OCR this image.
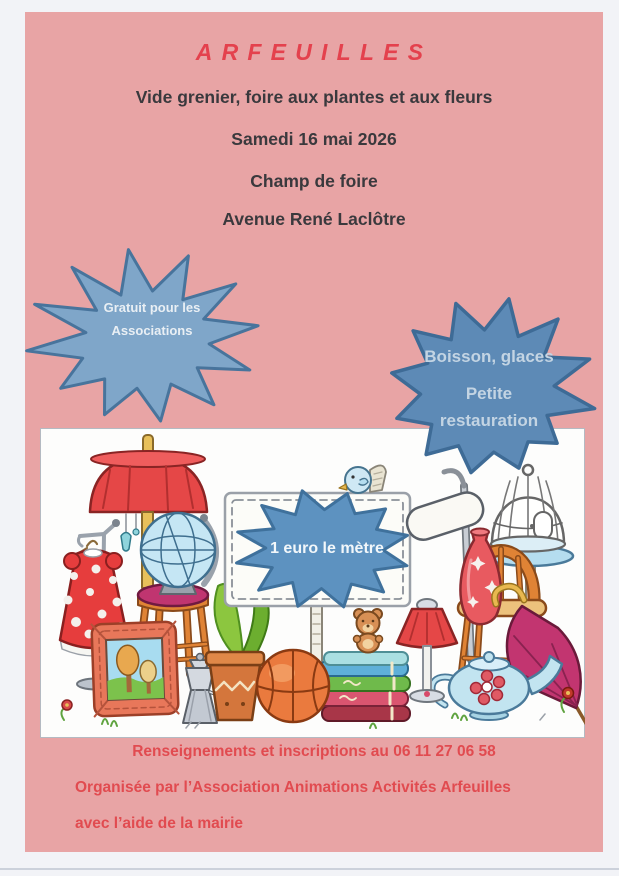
ARFEUILLES
Vide grenier, foire aux plantes et aux fleurs
Samedi 16 mai 2026
Champ de foire
Avenue René Laclôtre
Gratuit pour les
Associations
Boisson, glaces
Petite
restauration
1 euro le mètre
Renseignements et inscriptions au 06 11 27 06 58
Organisée par l’Association Animations Activités Arfeuilles
avec l’aide de la mairie
